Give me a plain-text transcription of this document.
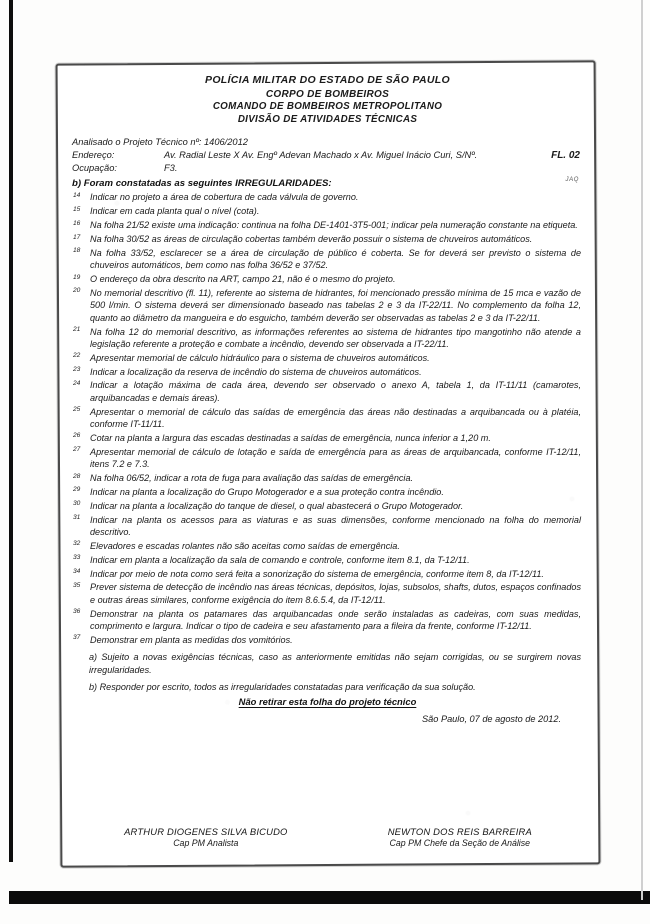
POLÍCIA MILITAR DO ESTADO DE SÃO PAULO
CORPO DE BOMBEIROS
COMANDO DE BOMBEIROS METROPOLITANO
DIVISÃO DE ATIVIDADES TÉCNICAS
Analisado o Projeto Técnico nº: 1406/2012
Endereço:	Av. Radial Leste X Av. Engº Adevan Machado x Av. Miguel Inácio Curi, S/Nº.
Ocupação:	F3.
FL. 02
JAQ
b) Foram constatadas as seguintes IRREGULARIDADES:
14	Indicar no projeto a área de cobertura de cada válvula de governo.
15	Indicar em cada planta qual o nível (cota).
16	Na folha 21/52 existe uma indicação: continua na folha DE-1401-3T5-001; indicar pela numeração constante na etiqueta.
17	Na folha 30/52 as áreas de circulação cobertas também deverão possuir o sistema de chuveiros automáticos.
18	Na folha 33/52, esclarecer se a área de circulação de público é coberta. Se for deverá ser previsto o sistema de chuveiros automáticos, bem como nas folha 36/52 e 37/52.
19	O endereço da obra descrito na ART, campo 21, não é o mesmo do projeto.
20	No memorial descritivo (fl. 11), referente ao sistema de hidrantes, foi mencionado pressão mínima de 15 mca e vazão de 500 l/min. O sistema deverá ser dimensionado baseado nas tabelas 2 e 3 da IT-22/11. No complemento da folha 12, quanto ao diâmetro da mangueira e do esguicho, também deverão ser observadas as tabelas 2 e 3 da IT-22/11.
21	Na folha 12 do memorial descritivo, as informações referentes ao sistema de hidrantes tipo mangotinho não atende a legislação referente a proteção e combate a incêndio, devendo ser observada a IT-22/11.
22	Apresentar memorial de cálculo hidráulico para o sistema de chuveiros automáticos.
23	Indicar a localização da reserva de incêndio do sistema de chuveiros automáticos.
24	Indicar a lotação máxima de cada área, devendo ser observado o anexo A, tabela 1, da IT-11/11 (camarotes, arquibancadas e demais áreas).
25	Apresentar o memorial de cálculo das saídas de emergência das áreas não destinadas a arquibancada ou à platéia, conforme IT-11/11.
26	Cotar na planta a largura das escadas destinadas a saídas de emergência, nunca inferior a 1,20 m.
27	Apresentar memorial de cálculo de lotação e saída de emergência para as áreas de arquibancada, conforme IT-12/11, itens 7.2 e 7.3.
28	Na folha 06/52, indicar a rota de fuga para avaliação das saídas de emergência.
29	Indicar na planta a localização do Grupo Motogerador e a sua proteção contra incêndio.
30	Indicar na planta a localização do tanque de diesel, o qual abastecerá o Grupo Motogerador.
31	Indicar na planta os acessos para as viaturas e as suas dimensões, conforme mencionado na folha do memorial descritivo.
32	Elevadores e escadas rolantes não são aceitas como saídas de emergência.
33	Indicar em planta a localização da sala de comando e controle, conforme item 8.1, da T-12/11.
34	Indicar por meio de nota como será feita a sonorização do sistema de emergência, conforme item 8, da IT-12/11.
35	Prever sistema de detecção de incêndio nas áreas técnicas, depósitos, lojas, subsolos, shafts, dutos, espaços confinados e outras áreas similares, conforme exigência do item 8.6.5.4, da IT-12/11.
36	Demonstrar na planta os patamares das arquibancadas onde serão instaladas as cadeiras, com suas medidas, comprimento e largura. Indicar o tipo de cadeira e seu afastamento para a fileira da frente, conforme IT-12/11.
37	Demonstrar em planta as medidas dos vomitórios.
a) Sujeito a novas exigências técnicas, caso as anteriormente emitidas não sejam corrigidas, ou se surgirem novas irregularidades.
b) Responder por escrito, todos as irregularidades constatadas para verificação da sua solução.
Não retirar esta folha do projeto técnico
São Paulo, 07 de agosto de 2012.
ARTHUR DIOGENES SILVA BICUDO
Cap PM Analista
NEWTON DOS REIS BARREIRA
Cap PM Chefe da Seção de Análise
